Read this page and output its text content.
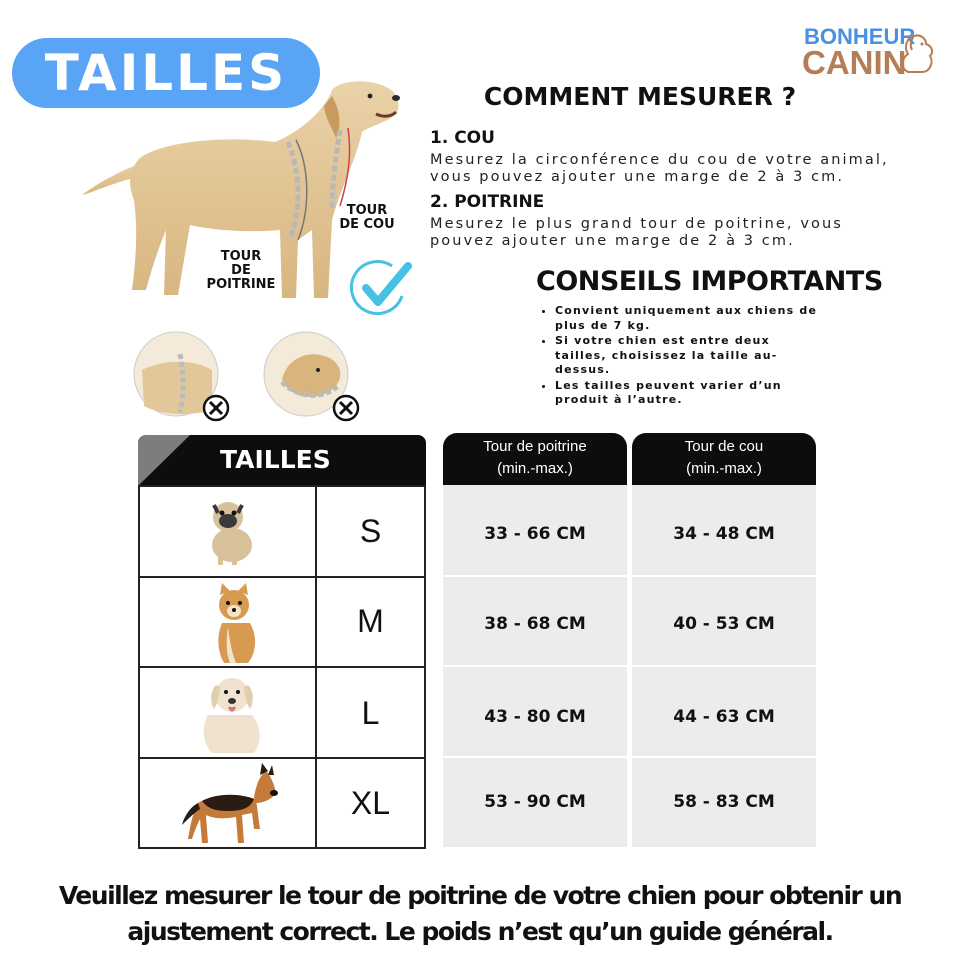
TAILLES
BONHEUR
CANIN
TOUR
DE COU
TOUR
DE POITRINE
COMMENT MESURER ?
1. COU
Mesurez la circonférence du cou de votre animal,
vous pouvez ajouter une marge de 2 à 3 cm.
2. POITRINE
Mesurez le plus grand tour de poitrine, vous
pouvez ajouter une marge de 2 à 3 cm.
CONSEILS IMPORTANTS
• Convient uniquement aux chiens de
plus de 7 kg.
• Si votre chien est entre deux
tailles, choisissez la taille au-
dessus.
• Les tailles peuvent varier d’un
produit à l’autre.
TAILLES
S
M
L
XL
Tour de poitrine
(min.-max.)
33 - 66 CM
38 - 68 CM
43 - 80 CM
53 - 90 CM
Tour de cou
(min.-max.)
34 - 48 CM
40 - 53 CM
44 - 63 CM
58 - 83 CM
Veuillez mesurer le tour de poitrine de votre chien pour obtenir un
ajustement correct. Le poids n’est qu’un guide général.
